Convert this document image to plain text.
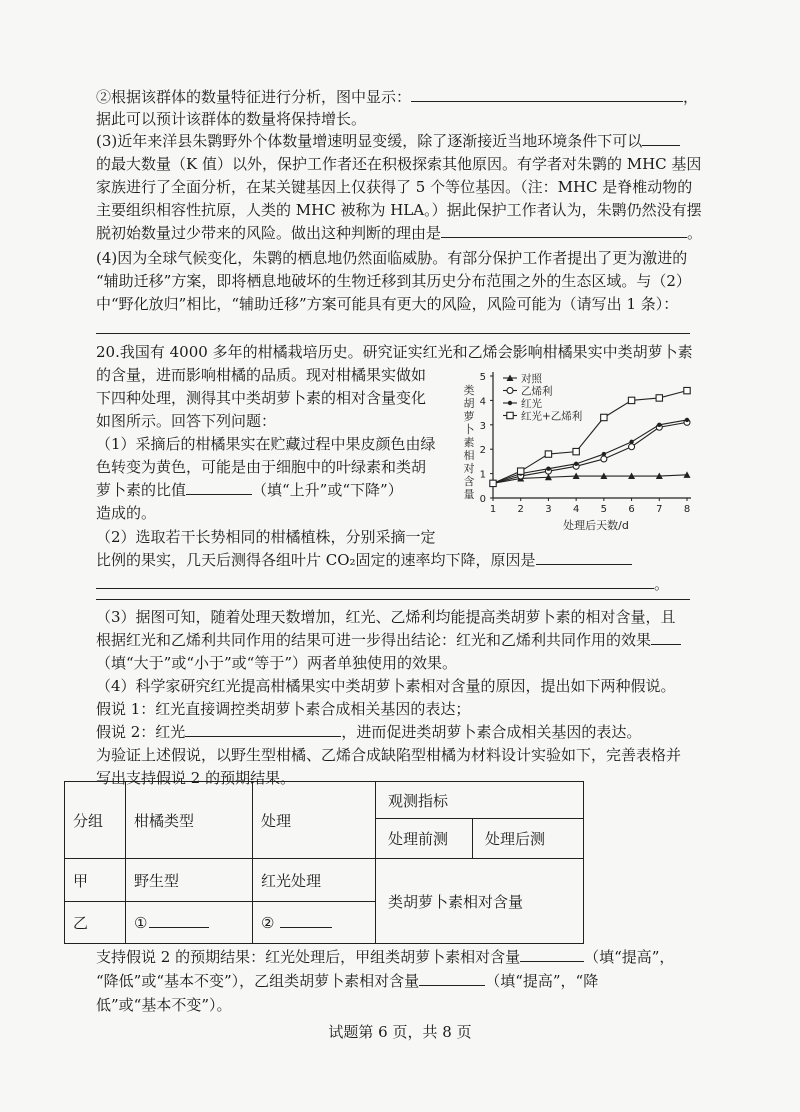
②根据该群体的数量特征进行分析，图中显示：	，
据此可以预计该群体的数量将保持增长。
(3)近年来洋县朱鹮野外个体数量增速明显变缓，除了逐渐接近当地环境条件下可以
的最大数量（K 值）以外，保护工作者还在积极探索其他原因。有学者对朱鹮的 MHC 基因
家族进行了全面分析，在某关键基因上仅获得了 5 个等位基因。（注：MHC 是脊椎动物的
主要组织相容性抗原，人类的 MHC 被称为 HLA。）据此保护工作者认为，朱鹮仍然没有摆
脱初始数量过少带来的风险。做出这种判断的理由是	。
(4)因为全球气候变化，朱鹮的栖息地仍然面临威胁。有部分保护工作者提出了更为激进的
“辅助迁移”方案，即将栖息地破坏的生物迁移到其历史分布范围之外的生态区域。与（2）
中“野化放归”相比，“辅助迁移”方案可能具有更大的风险，风险可能为（请写出 1 条）：
20.我国有 4000 多年的柑橘栽培历史。研究证实红光和乙烯会影响柑橘果实中类胡萝卜素
的含量，进而影响柑橘的品质。现对柑橘果实做如
下四种处理，测得其中类胡萝卜素的相对含量变化
如图所示。回答下列问题：
（1）采摘后的柑橘果实在贮藏过程中果皮颜色由绿
色转变为黄色，可能是由于细胞中的叶绿素和类胡
萝卜素的比值	（填“上升”或“下降”）
造成的。
（2）选取若干长势相同的柑橘植株，分别采摘一定
比例的果实，几天后测得各组叶片 CO₂固定的速率均下降，原因是
。
（3）据图可知，随着处理天数增加，红光、乙烯利均能提高类胡萝卜素的相对含量，且
根据红光和乙烯利共同作用的结果可进一步得出结论：红光和乙烯利共同作用的效果
（填“大于”或“小于”或“等于”）两者单独使用的效果。
（4）科学家研究红光提高柑橘果实中类胡萝卜素相对含量的原因，提出如下两种假说。
假说 1：红光直接调控类胡萝卜素合成相关基因的表达；
假说 2：红光	，进而促进类胡萝卜素合成相关基因的表达。
为验证上述假说，以野生型柑橘、乙烯合成缺陷型柑橘为材料设计实验如下，完善表格并
写出支持假说 2 的预期结果。
分组	柑橘类型	处理	观测指标	
			处理前测	处理后测
甲	野生型	红光处理	类胡萝卜素相对含量	
乙	①	②		
支持假说 2 的预期结果：红光处理后，甲组类胡萝卜素相对含量	（填“提高”，
“降低”或“基本不变”），乙组类胡萝卜素相对含量	（填“提高”，“降
低”或“基本不变”）。
试题第 6 页，共 8 页
0
1
2
3
4
5
1 2 3 4 5 6 7 8
处理后天数/d
类
胡
萝
卜
素
相
对
含
量
对照
乙烯利
红光
红光+乙烯利
